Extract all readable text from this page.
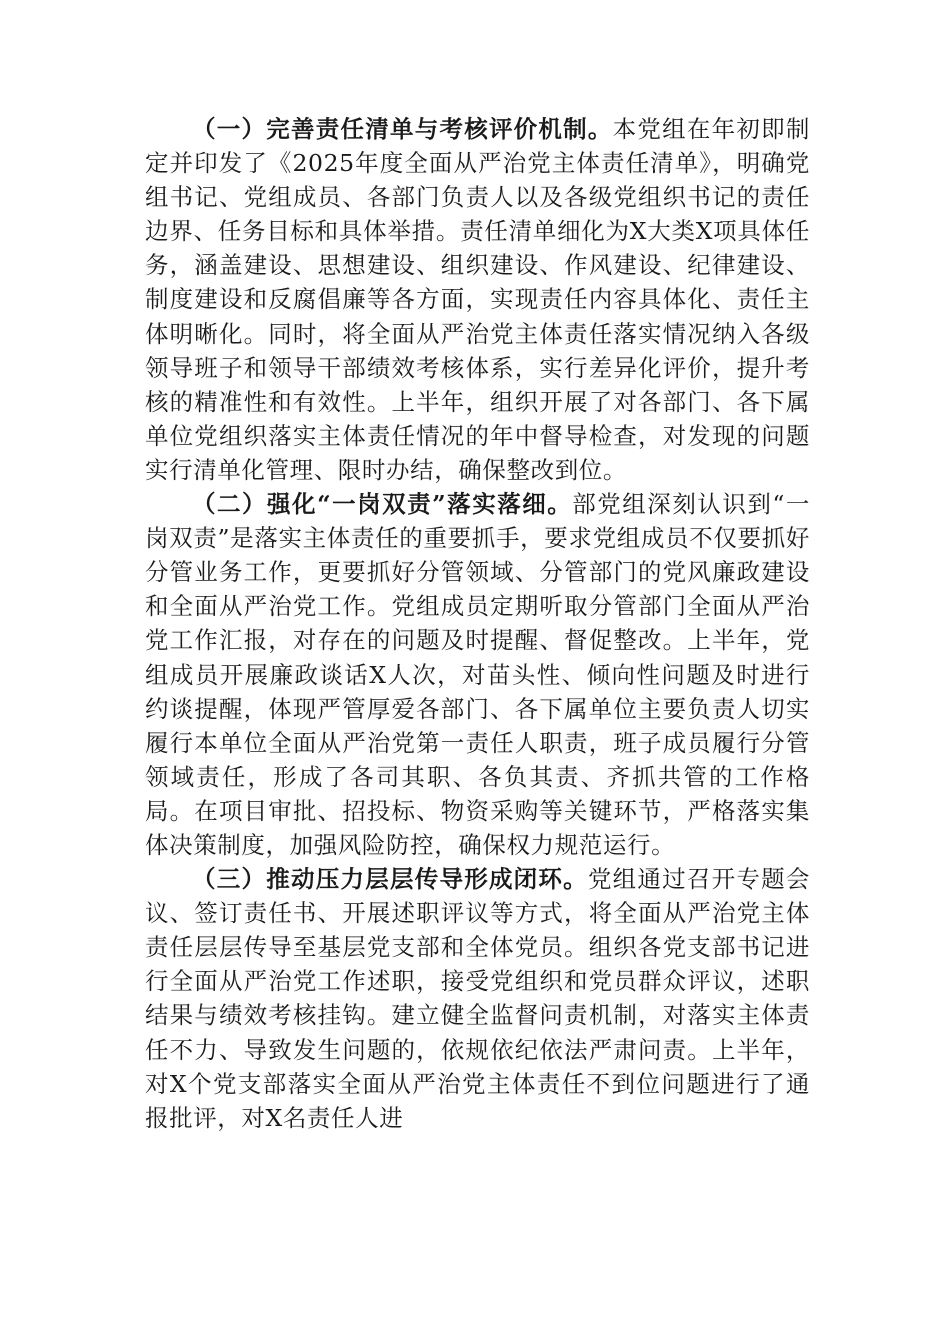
（一）完善责任清单与考核评价机制。本党组在年初即制定并印发了《2025年度全面从严治党主体责任清单》，明确党组书记、党组成员、各部门负责人以及各级党组织书记的责任边界、任务目标和具体举措。责任清单细化为X大类X项具体任务，涵盖建设、思想建设、组织建设、作风建设、纪律建设、制度建设和反腐倡廉等各方面，实现责任内容具体化、责任主体明晰化。同时，将全面从严治党主体责任落实情况纳入各级领导班子和领导干部绩效考核体系，实行差异化评价，提升考核的精准性和有效性。上半年，组织开展了对各部门、各下属单位党组织落实主体责任情况的年中督导检查，对发现的问题实行清单化管理、限时办结，确保整改到位。

（二）强化“一岗双责”落实落细。部党组深刻认识到“一岗双责”是落实主体责任的重要抓手，要求党组成员不仅要抓好分管业务工作，更要抓好分管领域、分管部门的党风廉政建设和全面从严治党工作。党组成员定期听取分管部门全面从严治党工作汇报，对存在的问题及时提醒、督促整改。上半年，党组成员开展廉政谈话X人次，对苗头性、倾向性问题及时进行约谈提醒，体现严管厚爱各部门、各下属单位主要负责人切实履行本单位全面从严治党第一责任人职责，班子成员履行分管领域责任，形成了各司其职、各负其责、齐抓共管的工作格局。在项目审批、招投标、物资采购等关键环节，严格落实集体决策制度，加强风险防控，确保权力规范运行。

（三）推动压力层层传导形成闭环。党组通过召开专题会议、签订责任书、开展述职评议等方式，将全面从严治党主体责任层层传导至基层党支部和全体党员。组织各党支部书记进行全面从严治党工作述职，接受党组织和党员群众评议，述职结果与绩效考核挂钩。建立健全监督问责机制，对落实主体责任不力、导致发生问题的，依规依纪依法严肃问责。上半年，对X个党支部落实全面从严治党主体责任不到位问题进行了通报批评，对X名责任人进
